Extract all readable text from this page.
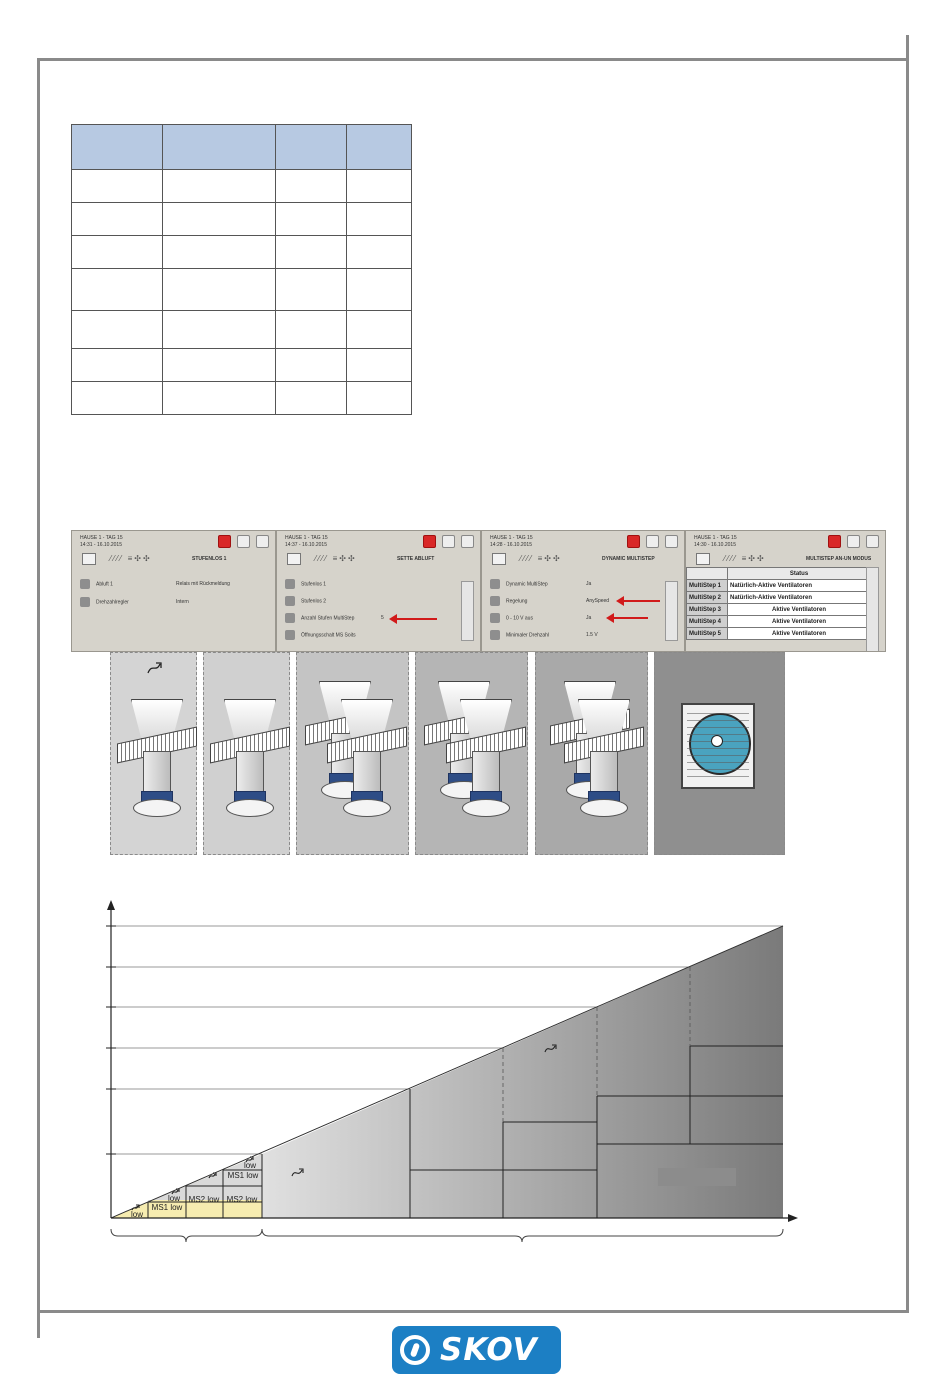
HAUSE 1 - TAG 15
14:31 - 16.10.2015
⁄⁄⁄⁄ ≡✣✣	STUFENLOS 1
Abluft 1	Relais mit Rückmeldung
Drehzahlregler	Intern
HAUSE 1 - TAG 15
14:37 - 16.10.2015
⁄⁄⁄⁄ ≡✣✣	SETTE ABLUFT
Stufenlos 1
Stufenlos 2
Anzahl Stufen MultiStep	5
Öffnungsschalt MS Soits
HAUSE 1 - TAG 15
14:28 - 16.10.2015
⁄⁄⁄⁄ ≡✣✣	DYNAMIC MULTISTEP
Dynamic MultiStep	Ja
Regelung	AnySpeed
0 - 10 V aus	Ja
Minimaler Drehzahl	1.5 V
HAUSE 1 - TAG 15
14:30 - 16.10.2015
⁄⁄⁄⁄ ≡✣✣	MULTISTEP AN-UN MODUS
	Status
MultiStep 1	Natürlich-Aktive Ventilatoren
MultiStep 2	Natürlich-Aktive Ventilatoren
MultiStep 3	Aktive Ventilatoren
MultiStep 4	Aktive Ventilatoren
MultiStep 5	Aktive Ventilatoren
low
low
MS1 low
MS2 low MS2 low
low
MS1 low
SKOV
